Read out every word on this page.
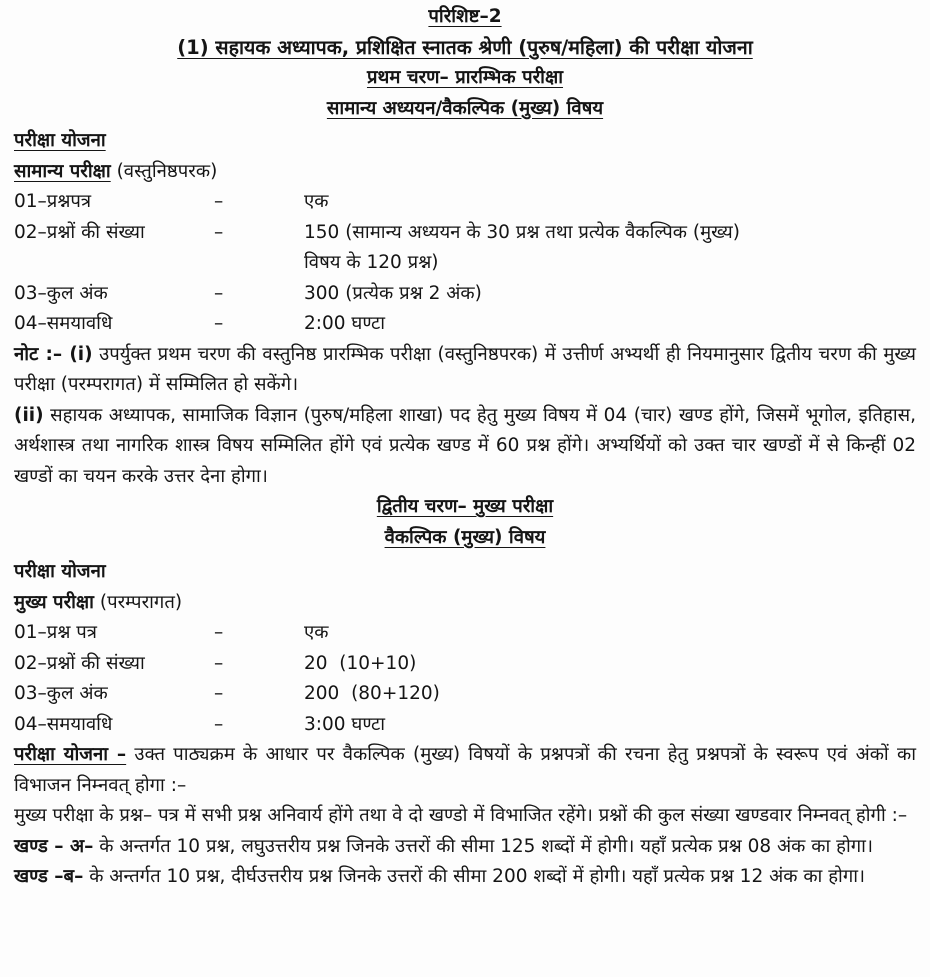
परिशिष्ट–2
(1) सहायक अध्यापक, प्रशिक्षित स्नातक श्रेणी (पुरुष/महिला) की परीक्षा योजना
प्रथम चरण– प्रारम्भिक परीक्षा
सामान्य अध्ययन/वैकल्पिक (मुख्य) विषय
परीक्षा योजना
सामान्य परीक्षा (वस्तुनिष्ठपरक)
01–प्रश्नपत्र	–	एक
02–प्रश्नों की संख्या	–	150 (सामान्य अध्ययन के 30 प्रश्न तथा प्रत्येक वैकल्पिक (मुख्य)
विषय के 120 प्रश्न)
03–कुल अंक	–	300 (प्रत्येक प्रश्न 2 अंक)
04–समयावधि	–	2:00 घण्टा

नोट :– (i) उपर्युक्त प्रथम चरण की वस्तुनिष्ठ प्रारम्भिक परीक्षा (वस्तुनिष्ठपरक) में उत्तीर्ण अभ्यर्थी ही नियमानुसार द्वितीय चरण की मुख्य परीक्षा (परम्परागत) में सम्मिलित हो सकेंगे।

(ii) सहायक अध्यापक, सामाजिक विज्ञान (पुरुष/महिला शाखा) पद हेतु मुख्य विषय में 04 (चार) खण्ड होंगे, जिसमें भूगोल, इतिहास, अर्थशास्त्र तथा नागरिक शास्त्र विषय सम्मिलित होंगे एवं प्रत्येक खण्ड में 60 प्रश्न होंगे। अभ्यर्थियों को उक्त चार खण्डों में से किन्हीं 02 खण्डों का चयन करके उत्तर देना होगा।

द्वितीय चरण– मुख्य परीक्षा
वैकल्पिक (मुख्य) विषय
परीक्षा योजना
मुख्य परीक्षा (परम्परागत)
01–प्रश्न पत्र	–	एक
02–प्रश्नों की संख्या	–	20  (10+10)
03–कुल अंक	–	200  (80+120)
04–समयावधि	–	3:00 घण्टा

परीक्षा योजना – उक्त पाठ्यक्रम के आधार पर वैकल्पिक (मुख्य) विषयों के प्रश्नपत्रों की रचना हेतु प्रश्नपत्रों के स्वरूप एवं अंकों का विभाजन निम्नवत् होगा :–

मुख्य परीक्षा के प्रश्न– पत्र में सभी प्रश्न अनिवार्य होंगे तथा वे दो खण्डो में विभाजित रहेंगे। प्रश्नों की कुल संख्या खण्डवार निम्नवत् होगी :–

खण्ड – अ– के अन्तर्गत 10 प्रश्न, लघुउत्तरीय प्रश्न जिनके उत्तरों की सीमा 125 शब्दों में होगी। यहाँ प्रत्येक प्रश्न 08 अंक का होगा।

खण्ड –ब– के अन्तर्गत 10 प्रश्न, दीर्घउत्तरीय प्रश्न जिनके उत्तरों की सीमा 200 शब्दों में होगी। यहाँ प्रत्येक प्रश्न 12 अंक का होगा।
